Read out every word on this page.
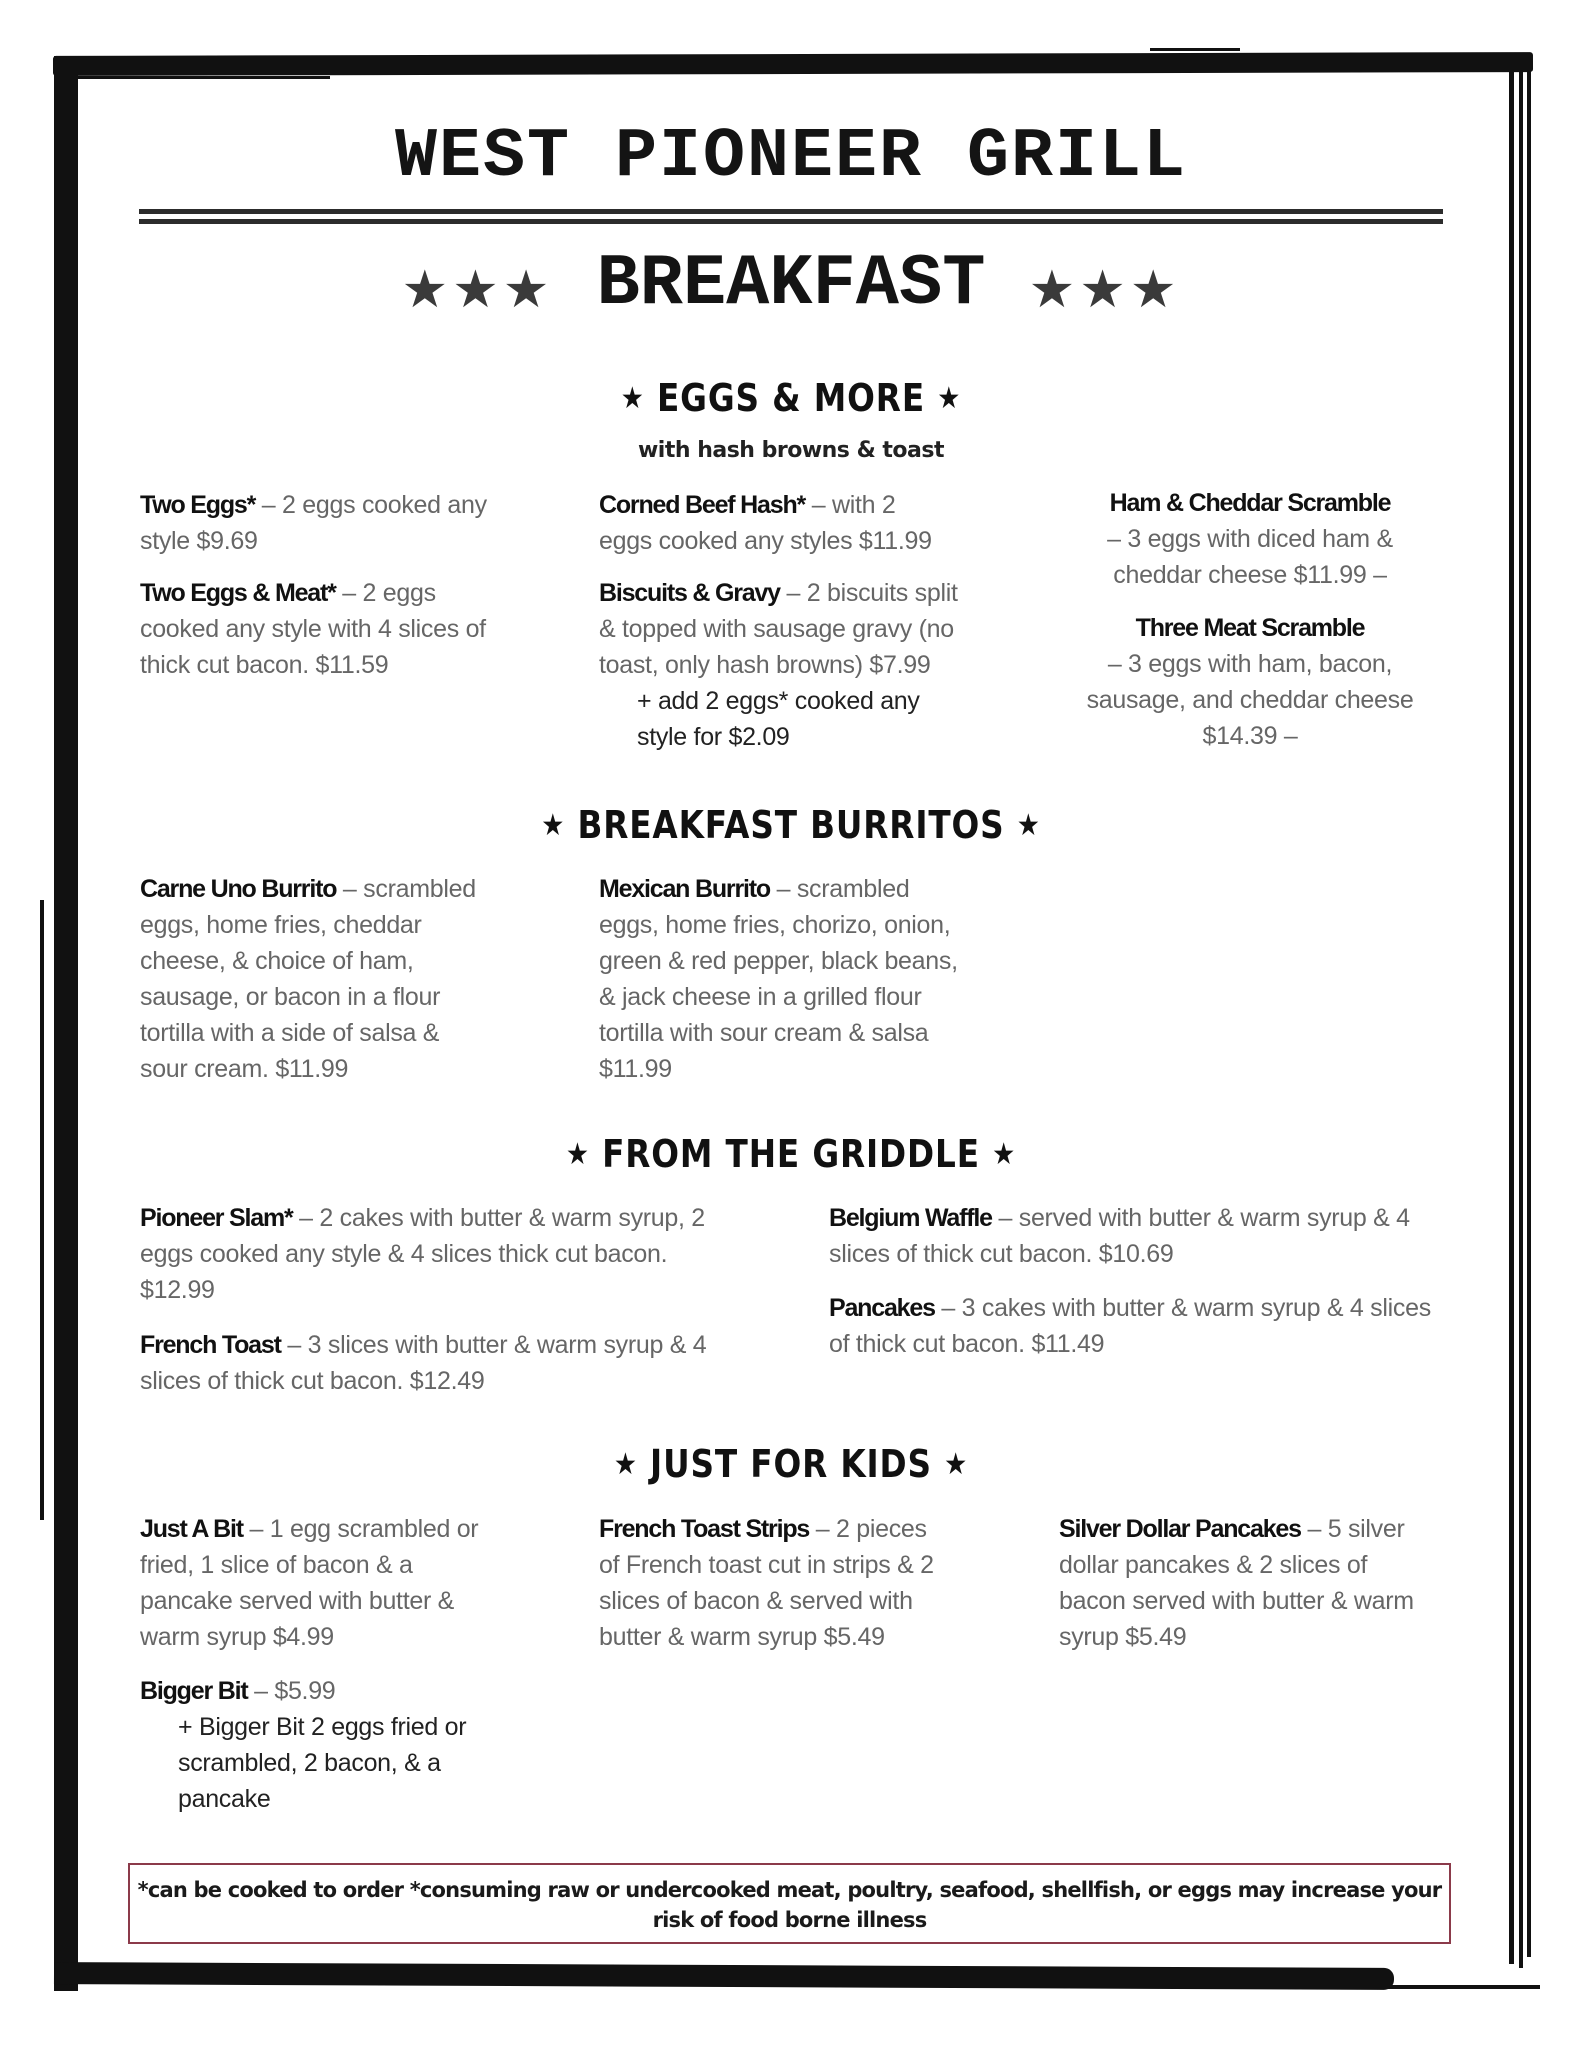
WEST PIONEER GRILL
★★★ BREAKFAST ★★★
★ EGGS & MORE ★
with hash browns & toast
Two Eggs* – 2 eggs cooked any style $9.69
Two Eggs & Meat* – 2 eggs cooked any style with 4 slices of thick cut bacon. $11.59
Corned Beef Hash* – with 2 eggs cooked any styles $11.99
Biscuits & Gravy – 2 biscuits split & topped with sausage gravy (no toast, only hash browns) $7.99
+ add 2 eggs* cooked any style for $2.09
Ham & Cheddar Scramble
– 3 eggs with diced ham & cheddar cheese $11.99 –
Three Meat Scramble
– 3 eggs with ham, bacon, sausage, and cheddar cheese $14.39 –
★ BREAKFAST BURRITOS ★
Carne Uno Burrito – scrambled eggs, home fries, cheddar cheese, & choice of ham, sausage, or bacon in a flour tortilla with a side of salsa & sour cream. $11.99
Mexican Burrito – scrambled eggs, home fries, chorizo, onion, green & red pepper, black beans, & jack cheese in a grilled flour tortilla with sour cream & salsa $11.99
★ FROM THE GRIDDLE ★
Pioneer Slam* – 2 cakes with butter & warm syrup, 2 eggs cooked any style & 4 slices thick cut bacon. $12.99
French Toast – 3 slices with butter & warm syrup & 4 slices of thick cut bacon. $12.49
Belgium Waffle – served with butter & warm syrup & 4 slices of thick cut bacon. $10.69
Pancakes – 3 cakes with butter & warm syrup & 4 slices of thick cut bacon. $11.49
★ JUST FOR KIDS ★
Just A Bit – 1 egg scrambled or fried, 1 slice of bacon & a pancake served with butter & warm syrup $4.99
Bigger Bit – $5.99
+ Bigger Bit 2 eggs fried or scrambled, 2 bacon, & a pancake
French Toast Strips – 2 pieces of French toast cut in strips & 2 slices of bacon & served with butter & warm syrup $5.49
Silver Dollar Pancakes – 5 silver dollar pancakes & 2 slices of bacon served with butter & warm syrup $5.49
*can be cooked to order *consuming raw or undercooked meat, poultry, seafood, shellfish, or eggs may increase your risk of food borne illness
